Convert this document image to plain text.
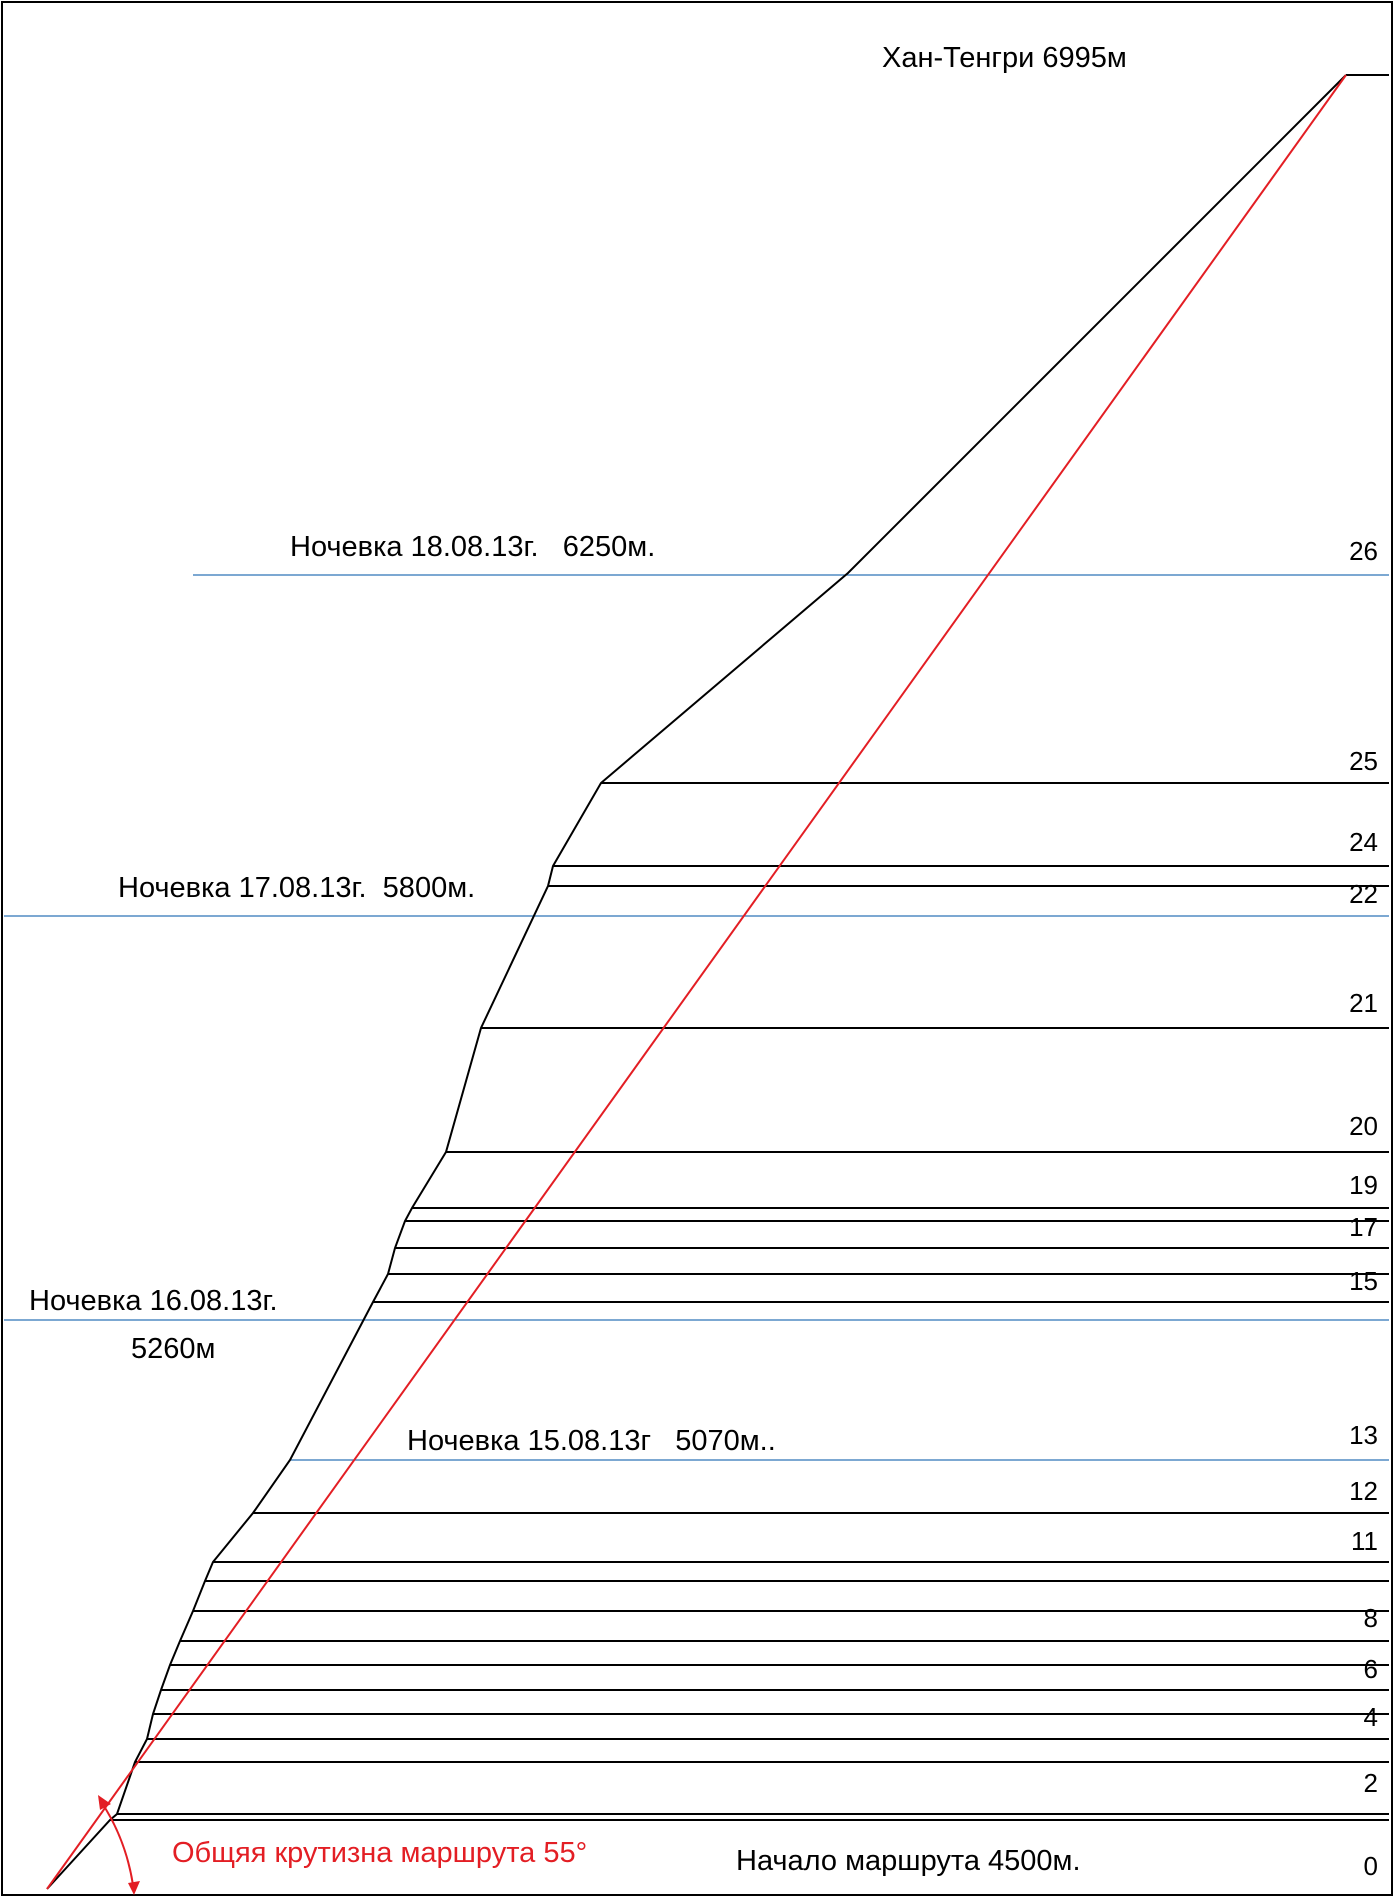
Хан-Тенгри 6995м
Ночевка 18.08.13г.   6250м.
Ночевка 17.08.13г.  5800м.
Ночевка 16.08.13г.
5260м
Ночевка 15.08.13г   5070м..
Начало маршрута 4500м.
Общяя крутизна маршрута 55°
26
25
24
22
21
20
19
17
15
13
12
11
8
6
4
2
0
